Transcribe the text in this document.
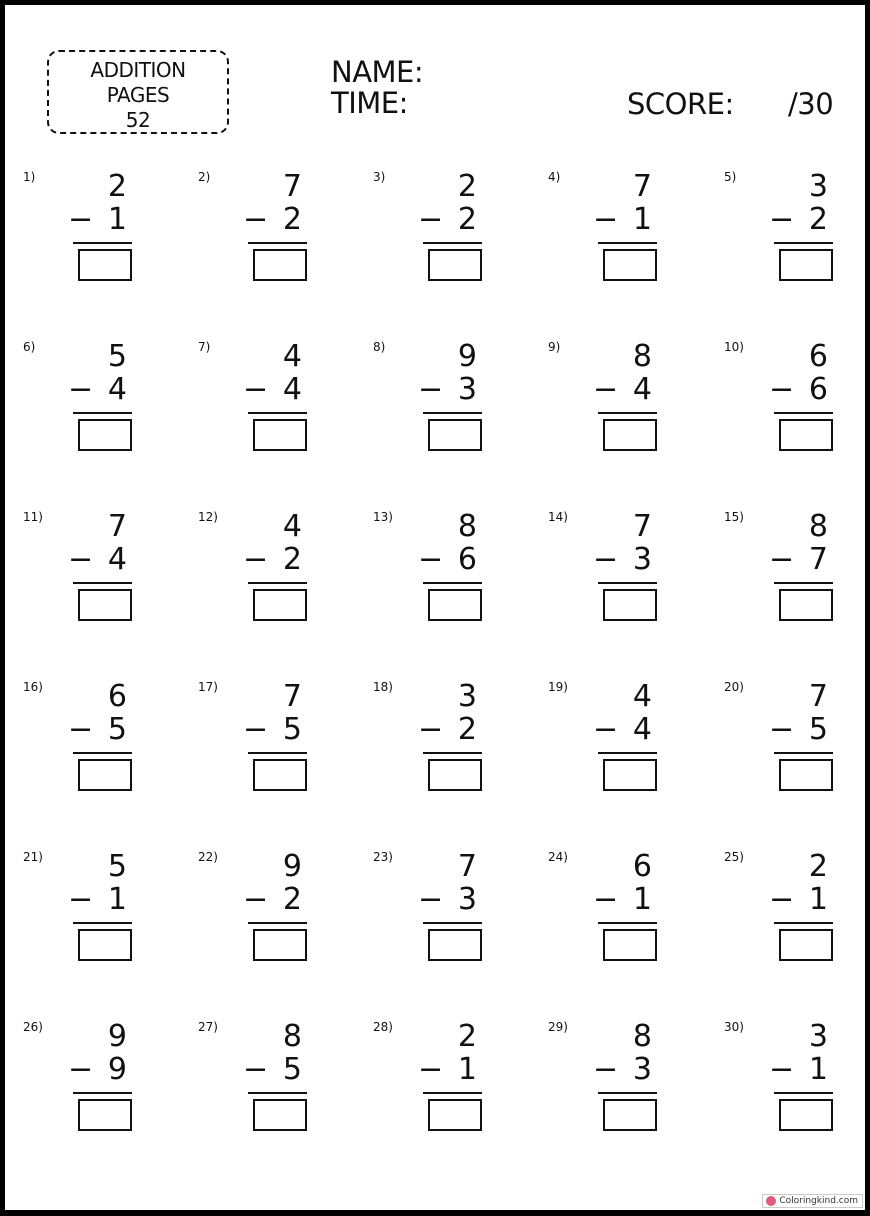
ADDITION
PAGES
52
NAME:
TIME:	SCORE: /30
1) 2
− 1
2) 7
− 2
3) 2
− 2
4) 7
− 1
5) 3
− 2
6) 5
− 4
7) 4
− 4
8) 9
− 3
9) 8
− 4
10) 6
− 6
11) 7
− 4
12) 4
− 2
13) 8
− 6
14) 7
− 3
15) 8
− 7
16) 6
− 5
17) 7
− 5
18) 3
− 2
19) 4
− 4
20) 7
− 5
21) 5
− 1
22) 9
− 2
23) 7
− 3
24) 6
− 1
25) 2
− 1
26) 9
− 9
27) 8
− 5
28) 2
− 1
29) 8
− 3
30) 3
− 1
Coloringkind.com
